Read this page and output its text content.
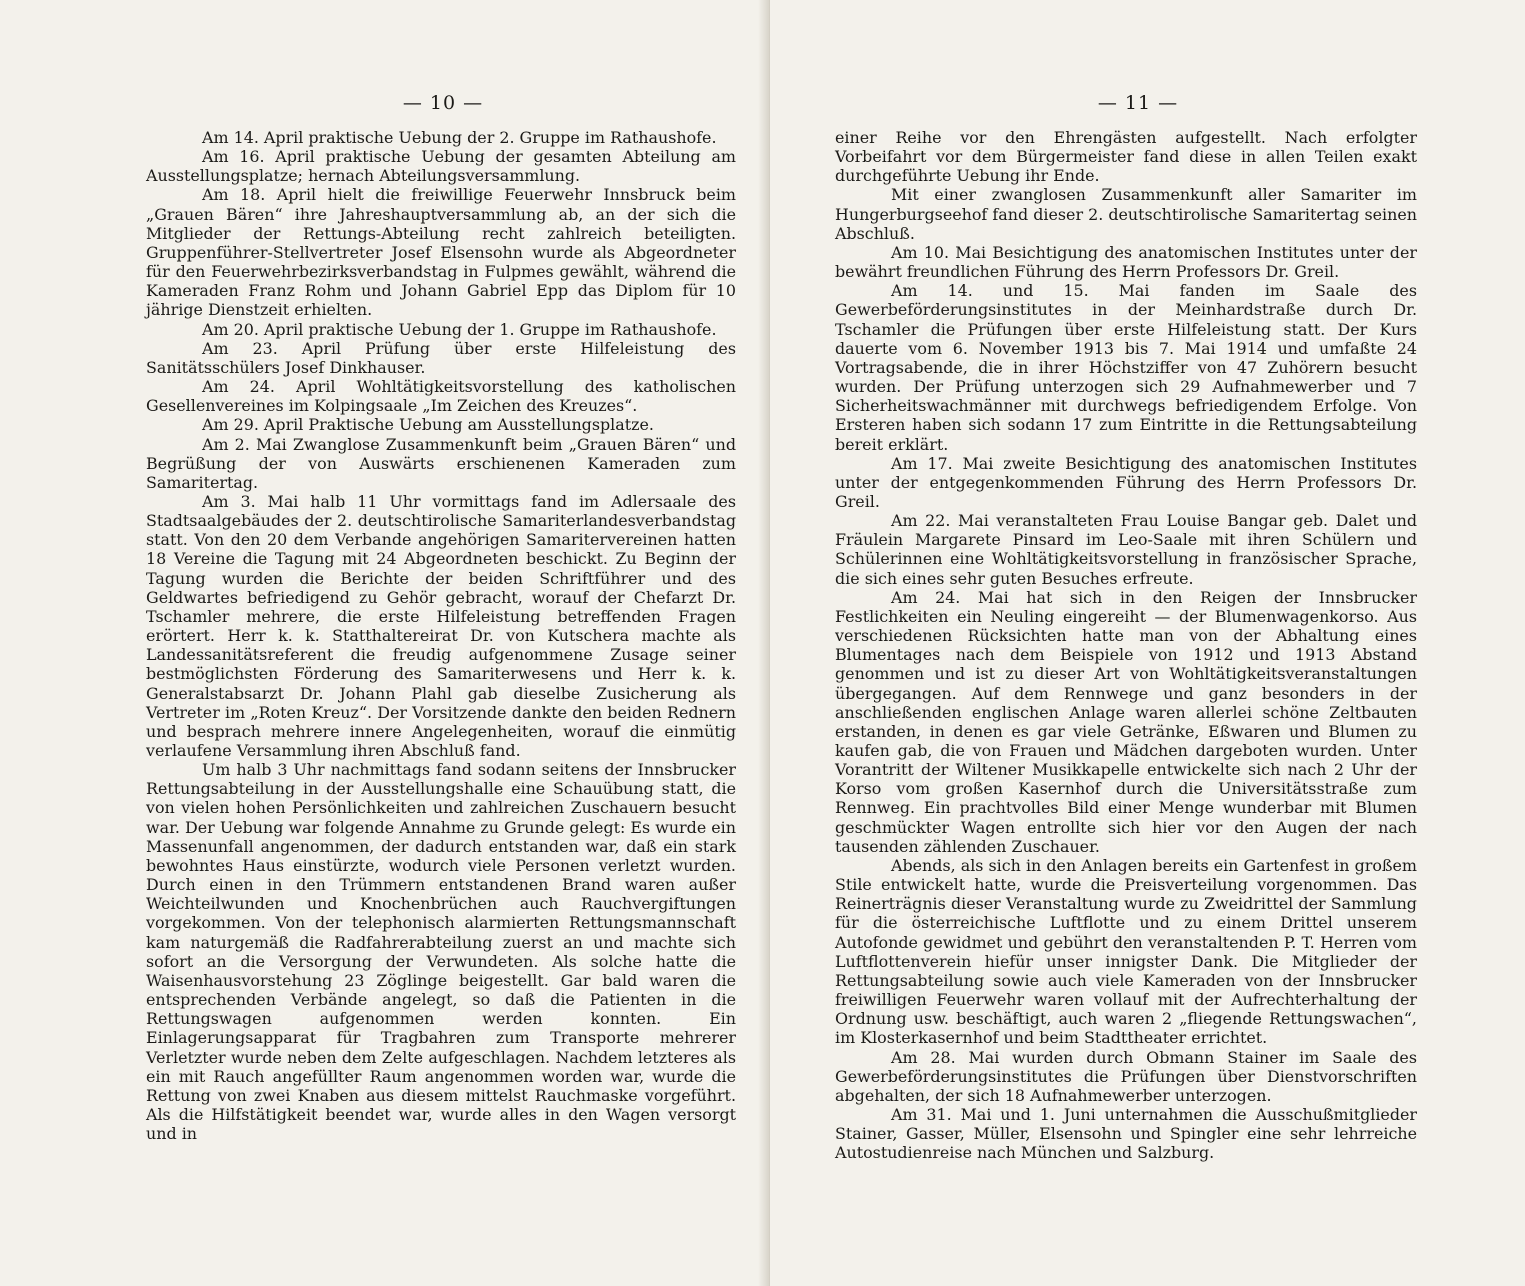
— 10 —

Am 14. April praktische Uebung der 2. Gruppe im Rathaushofe.

Am 16. April praktische Uebung der gesamten Abteilung am Ausstellungsplatze; hernach Abteilungsversammlung.

Am 18. April hielt die freiwillige Feuerwehr Innsbruck beim „Grauen Bären“ ihre Jahreshauptversammlung ab, an der sich die Mitglieder der Rettungs-Abteilung recht zahlreich beteiligten. Gruppenführer-Stellvertreter Josef Elsensohn wurde als Abgeordneter für den Feuerwehrbezirksverbandstag in Fulpmes gewählt, während die Kameraden Franz Rohm und Johann Gabriel Epp das Diplom für 10 jährige Dienstzeit erhielten.

Am 20. April praktische Uebung der 1. Gruppe im Rathaushofe.

Am 23. April Prüfung über erste Hilfeleistung des Sanitätsschülers Josef Dinkhauser.

Am 24. April Wohltätigkeitsvorstellung des katholischen Gesellenvereines im Kolpingsaale „Im Zeichen des Kreuzes“.

Am 29. April Praktische Uebung am Ausstellungsplatze.

Am 2. Mai Zwanglose Zusammenkunft beim „Grauen Bären“ und Begrüßung der von Auswärts erschienenen Kameraden zum Samaritertag.

Am 3. Mai halb 11 Uhr vormittags fand im Adlersaale des Stadtsaalgebäudes der 2. deutschtirolische Samariterlandesverbandstag statt. Von den 20 dem Verbande angehörigen Samaritervereinen hatten 18 Vereine die Tagung mit 24 Abgeordneten beschickt. Zu Beginn der Tagung wurden die Berichte der beiden Schriftführer und des Geldwartes befriedigend zu Gehör gebracht, worauf der Chefarzt Dr. Tschamler mehrere, die erste Hilfeleistung betreffenden Fragen erörtert. Herr k. k. Statthaltereirat Dr. von Kutschera machte als Landessanitätsreferent die freudig aufgenommene Zusage seiner bestmöglichsten Förderung des Samariterwesens und Herr k. k. Generalstabsarzt Dr. Johann Plahl gab dieselbe Zusicherung als Vertreter im „Roten Kreuz“. Der Vorsitzende dankte den beiden Rednern und besprach mehrere innere Angelegenheiten, worauf die einmütig verlaufene Versammlung ihren Abschluß fand.

Um halb 3 Uhr nachmittags fand sodann seitens der Innsbrucker Rettungsabteilung in der Ausstellungshalle eine Schauübung statt, die von vielen hohen Persönlichkeiten und zahlreichen Zuschauern besucht war. Der Uebung war folgende Annahme zu Grunde gelegt: Es wurde ein Massenunfall angenommen, der dadurch entstanden war, daß ein stark bewohntes Haus einstürzte, wodurch viele Personen verletzt wurden. Durch einen in den Trümmern entstandenen Brand waren außer Weichteilwunden und Knochenbrüchen auch Rauchvergiftungen vorgekommen. Von der telephonisch alarmierten Rettungsmannschaft kam naturgemäß die Radfahrerabteilung zuerst an und machte sich sofort an die Versorgung der Verwundeten. Als solche hatte die Waisenhausvorstehung 23 Zöglinge beigestellt. Gar bald waren die entsprechenden Verbände angelegt, so daß die Patienten in die Rettungswagen aufgenommen werden konnten. Ein Einlagerungsapparat für Tragbahren zum Transporte mehrerer Verletzter wurde neben dem Zelte aufgeschlagen. Nachdem letzteres als ein mit Rauch angefüllter Raum angenommen worden war, wurde die Rettung von zwei Knaben aus diesem mittelst Rauchmaske vorgeführt. Als die Hilfstätigkeit beendet war, wurde alles in den Wagen versorgt und in

— 11 —

einer Reihe vor den Ehrengästen aufgestellt. Nach erfolgter Vorbeifahrt vor dem Bürgermeister fand diese in allen Teilen exakt durchgeführte Uebung ihr Ende.

Mit einer zwanglosen Zusammenkunft aller Samariter im Hungerburgseehof fand dieser 2. deutschtirolische Samaritertag seinen Abschluß.

Am 10. Mai Besichtigung des anatomischen Institutes unter der bewährt freundlichen Führung des Herrn Professors Dr. Greil.

Am 14. und 15. Mai fanden im Saale des Gewerbeförderungsinstitutes in der Meinhardstraße durch Dr. Tschamler die Prüfungen über erste Hilfeleistung statt. Der Kurs dauerte vom 6. November 1913 bis 7. Mai 1914 und umfaßte 24 Vortragsabende, die in ihrer Höchstziffer von 47 Zuhörern besucht wurden. Der Prüfung unterzogen sich 29 Aufnahmewerber und 7 Sicherheitswachmänner mit durchwegs befriedigendem Erfolge. Von Ersteren haben sich sodann 17 zum Eintritte in die Rettungsabteilung bereit erklärt.

Am 17. Mai zweite Besichtigung des anatomischen Institutes unter der entgegenkommenden Führung des Herrn Professors Dr. Greil.

Am 22. Mai veranstalteten Frau Louise Bangar geb. Dalet und Fräulein Margarete Pinsard im Leo-Saale mit ihren Schülern und Schülerinnen eine Wohltätigkeitsvorstellung in französischer Sprache, die sich eines sehr guten Besuches erfreute.

Am 24. Mai hat sich in den Reigen der Innsbrucker Festlichkeiten ein Neuling eingereiht — der Blumenwagenkorso. Aus verschiedenen Rücksichten hatte man von der Abhaltung eines Blumentages nach dem Beispiele von 1912 und 1913 Abstand genommen und ist zu dieser Art von Wohltätigkeitsveranstaltungen übergegangen. Auf dem Rennwege und ganz besonders in der anschließenden englischen Anlage waren allerlei schöne Zeltbauten erstanden, in denen es gar viele Getränke, Eßwaren und Blumen zu kaufen gab, die von Frauen und Mädchen dargeboten wurden. Unter Vorantritt der Wiltener Musikkapelle entwickelte sich nach 2 Uhr der Korso vom großen Kasernhof durch die Universitätsstraße zum Rennweg. Ein prachtvolles Bild einer Menge wunderbar mit Blumen geschmückter Wagen entrollte sich hier vor den Augen der nach tausenden zählenden Zuschauer.

Abends, als sich in den Anlagen bereits ein Gartenfest in großem Stile entwickelt hatte, wurde die Preisverteilung vorgenommen. Das Reinerträgnis dieser Veranstaltung wurde zu Zweidrittel der Sammlung für die österreichische Luftflotte und zu einem Drittel unserem Autofonde gewidmet und gebührt den veranstaltenden P. T. Herren vom Luftflottenverein hiefür unser innigster Dank. Die Mitglieder der Rettungsabteilung sowie auch viele Kameraden von der Innsbrucker freiwilligen Feuerwehr waren vollauf mit der Aufrechterhaltung der Ordnung usw. beschäftigt, auch waren 2 „fliegende Rettungswachen“, im Klosterkasernhof und beim Stadttheater errichtet.

Am 28. Mai wurden durch Obmann Stainer im Saale des Gewerbeförderungsinstitutes die Prüfungen über Dienstvorschriften abgehalten, der sich 18 Aufnahmewerber unterzogen.

Am 31. Mai und 1. Juni unternahmen die Ausschußmitglieder Stainer, Gasser, Müller, Elsensohn und Spingler eine sehr lehrreiche Autostudienreise nach München und Salzburg.
